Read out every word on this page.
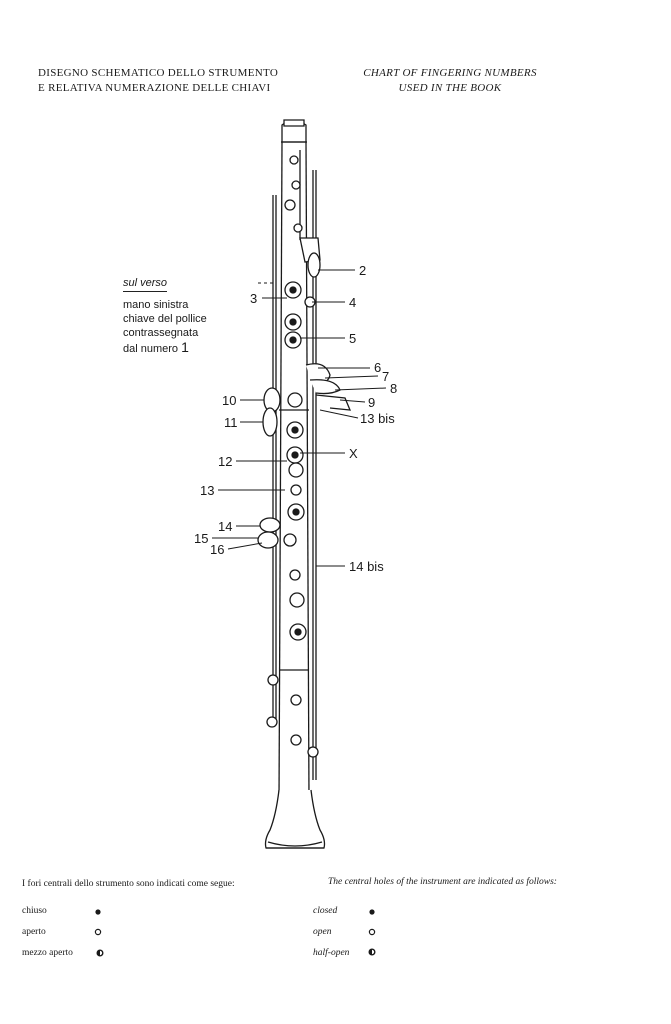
DISEGNO SCHEMATICO DELLO STRUMENTO
E RELATIVA NUMERAZIONE DELLE CHIAVI
CHART OF FINGERING NUMBERS
USED IN THE BOOK
2
3	4
5
6
7
8
9
13 bis
10
11
X
12
13
14
15
16
14 bis
sul verso
mano sinistra
chiave del pollice
contrassegnata
dal numero 1
I fori centrali dello strumento sono indicati come segue:	The central holes of the instrument are indicated as follows:
chiuso
aperto
mezzo aperto
closed
open
half-open
